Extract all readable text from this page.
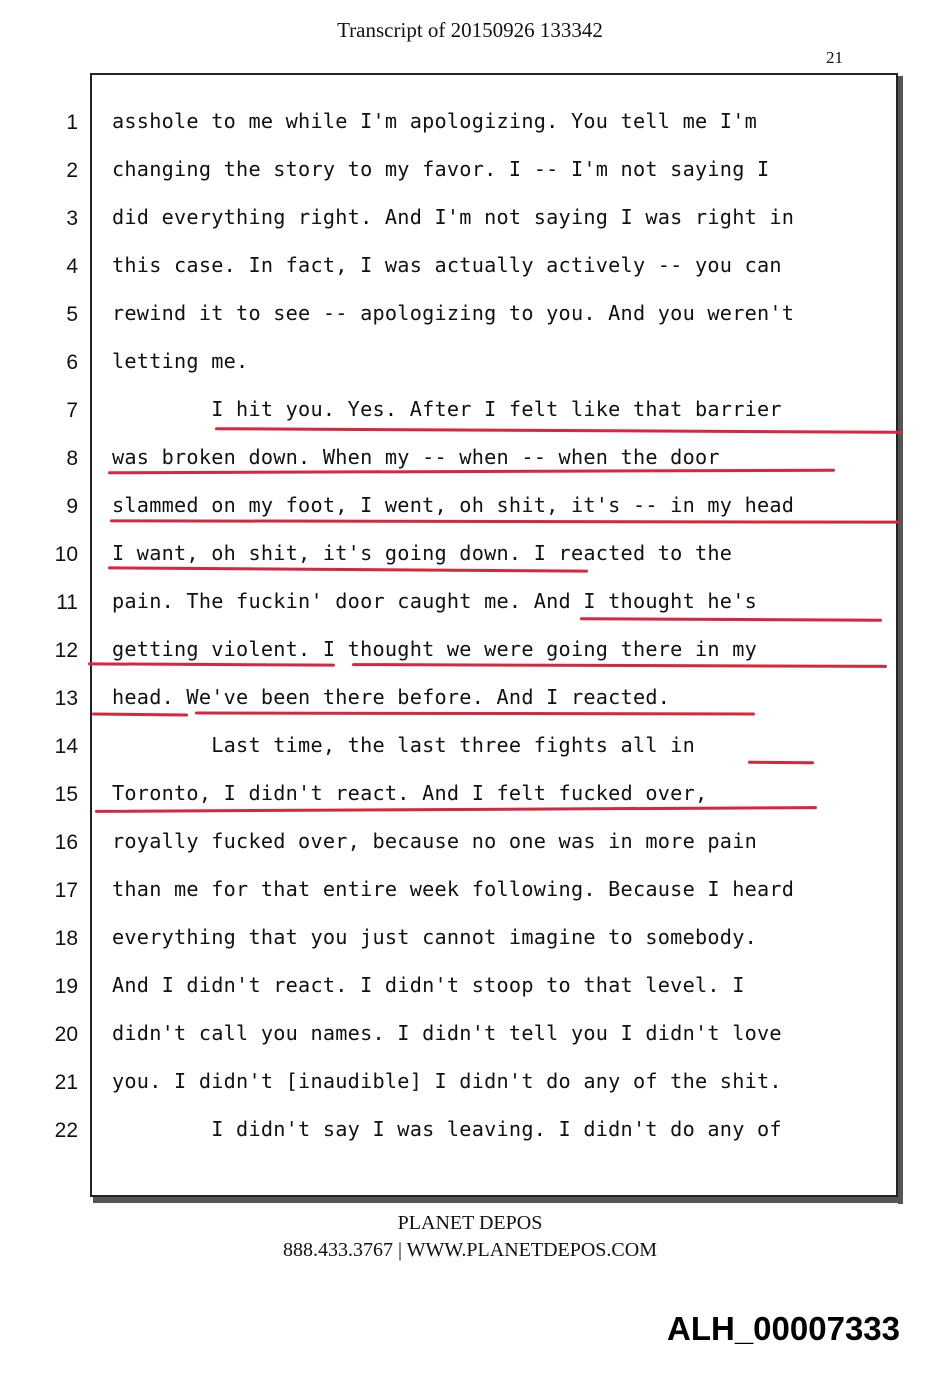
Transcript of 20150926 133342
21
1 asshole to me while I'm apologizing. You tell me I'm
2 changing the story to my favor. I -- I'm not saying I
3 did everything right. And I'm not saying I was right in
4 this case. In fact, I was actually actively -- you can
5 rewind it to see -- apologizing to you. And you weren't
6 letting me.
7 I hit you. Yes. After I felt like that barrier
8 was broken down. When my -- when -- when the door
9 slammed on my foot, I went, oh shit, it's -- in my head
10 I want, oh shit, it's going down. I reacted to the
11 pain. The fuckin' door caught me. And I thought he's
12 getting violent. I thought we were going there in my
13 head. We've been there before. And I reacted.
14 Last time, the last three fights all in
15 Toronto, I didn't react. And I felt fucked over,
16 royally fucked over, because no one was in more pain
17 than me for that entire week following. Because I heard
18 everything that you just cannot imagine to somebody.
19 And I didn't react. I didn't stoop to that level. I
20 didn't call you names. I didn't tell you I didn't love
21 you. I didn't [inaudible] I didn't do any of the shit.
22 I didn't say I was leaving. I didn't do any of
PLANET DEPOS
888.433.3767 | WWW.PLANETDEPOS.COM
ALH_00007333
